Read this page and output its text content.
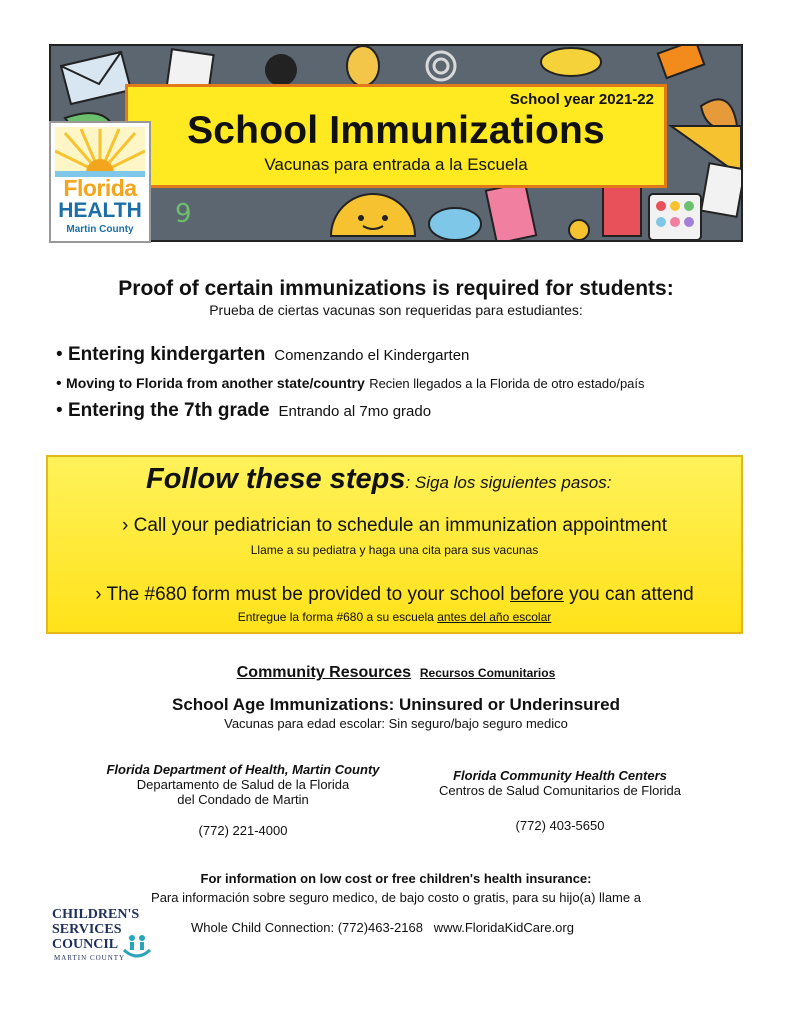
9
School year 2021-22
School Immunizations
Vacunas para entrada a la Escuela
Florida
HEALTH
Martin County
Proof of certain immunizations is required for students:
Prueba de ciertas vacunas son requeridas para estudiantes:
• Entering kindergarten Comenzando el Kindergarten
• Moving to Florida from another state/country Recien llegados a la Florida de otro estado/país
• Entering the 7th grade Entrando al 7mo grado
Follow these steps: Siga los siguientes pasos:
› Call your pediatrician to schedule an immunization appointment
Llame a su pediatra y haga una cita para sus vacunas
› The #680 form must be provided to your school before you can attend
Entregue la forma #680 a su escuela antes del año escolar
Community Resources Recursos Comunitarios
School Age Immunizations: Uninsured or Underinsured
Vacunas para edad escolar: Sin seguro/bajo seguro medico
Florida Department of Health, Martin County
Departamento de Salud de la Florida
del Condado de Martin
(772) 221-4000
Florida Community Health Centers
Centros de Salud Comunitarios de Florida
(772) 403-5650
For information on low cost or free children's health insurance:
Para información sobre seguro medico, de bajo costo o gratis, para su hijo(a) llame a
Whole Child Connection: (772)463-2168   www.FloridaKidCare.org
CHILDREN'S
SERVICES
COUNCIL
MARTIN COUNTY
